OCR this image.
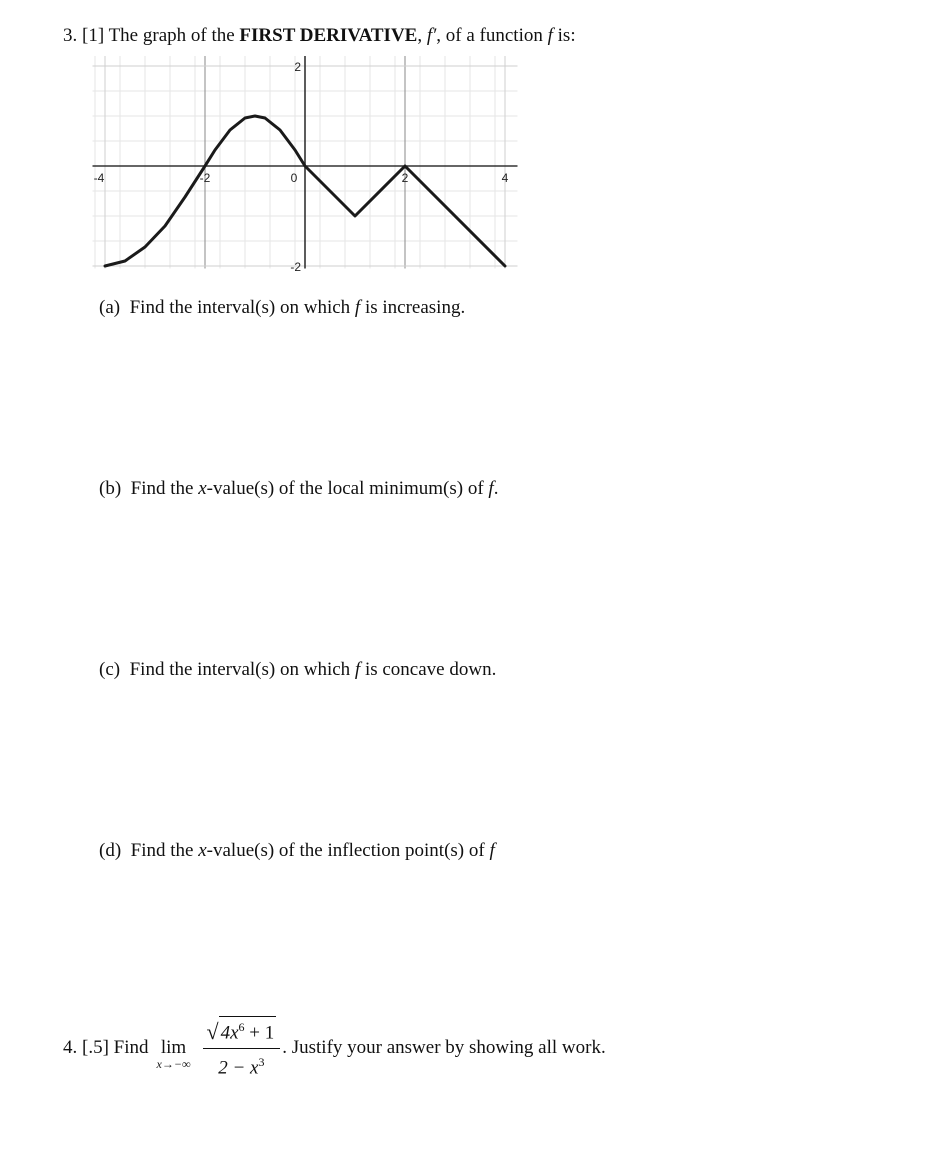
3. [1] The graph of the FIRST DERIVATIVE, f′, of a function f is:
-4	-2	0	2	4
2
-2
(a) Find the interval(s) on which f is increasing.
(b) Find the x-value(s) of the local minimum(s) of f.
(c) Find the interval(s) on which f is concave down.
(d) Find the x-value(s) of the inflection point(s) of f
4.
[.5]
Find lim
$x\to-\infty \frac{√ 4x^6 + 1}{2 - x^3}$ .
Justify your answer by showing all work.
